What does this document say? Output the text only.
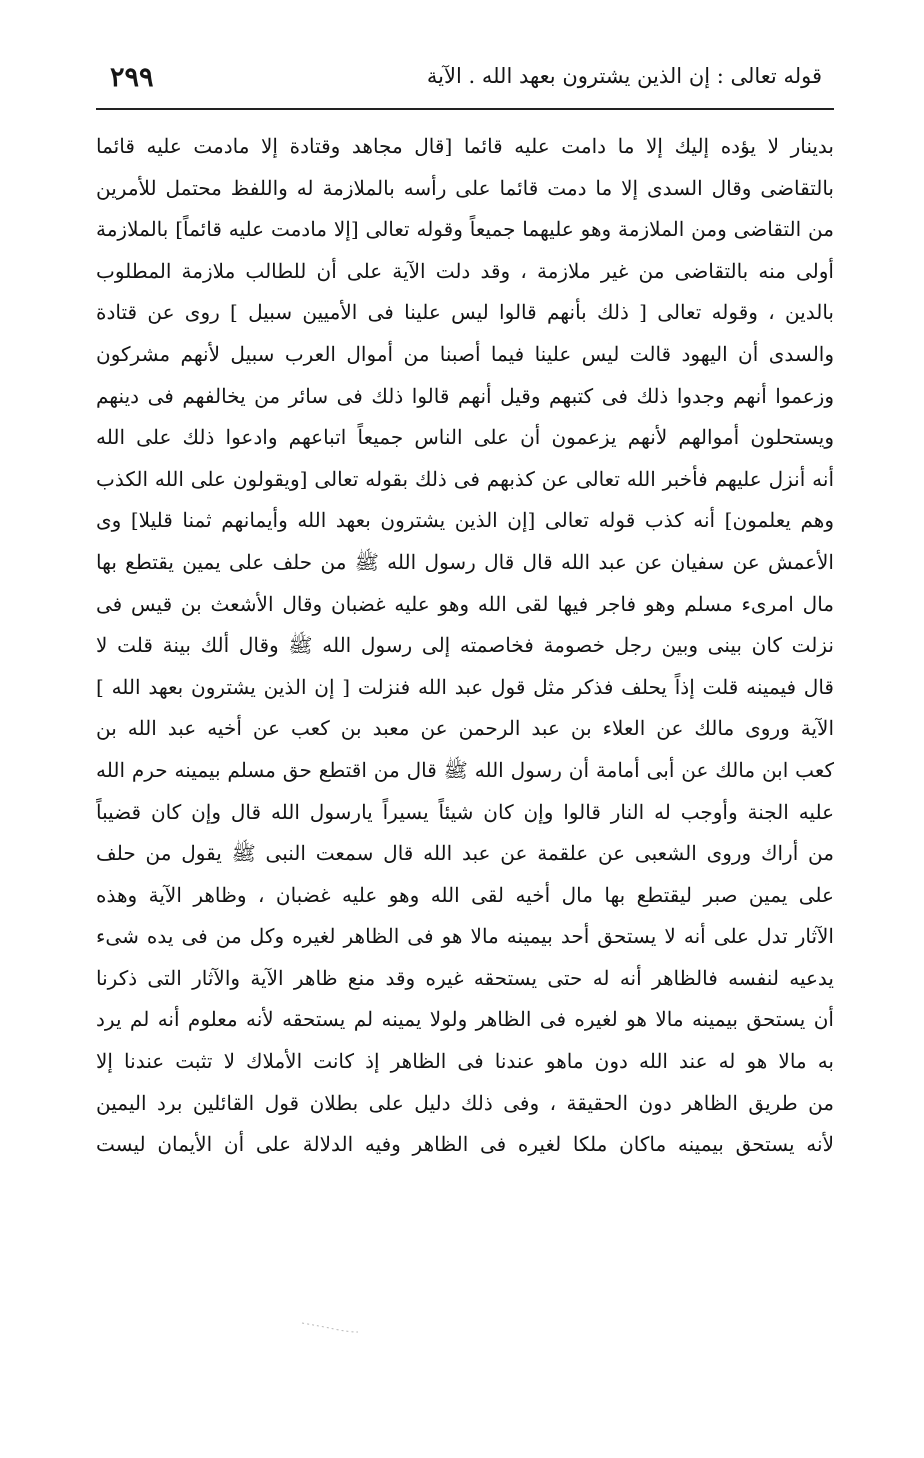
قوله تعالى : إن الذين يشترون بعهد الله . الآية
٢٩٩
بدينار لا يؤده إليك إلا ما دامت عليه قائما [قال مجاهد وقتادة إلا مادمت عليه قائما
بالتقاضى وقال السدى إلا ما دمت قائما على رأسه بالملازمة له واللفظ محتمل للأمرين
من التقاضى ومن الملازمة وهو عليهما جميعاً وقوله تعالى [إلا مادمت عليه قائماً] بالملازمة
أولى منه بالتقاضى من غير ملازمة ، وقد دلت الآية على أن للطالب ملازمة المطلوب
بالدين ، وقوله تعالى [ ذلك بأنهم قالوا ليس علينا فى الأميين سبيل ] روى عن قتادة
والسدى أن اليهود قالت ليس علينا فيما أصبنا من أموال العرب سبيل لأنهم مشركون
وزعموا أنهم وجدوا ذلك فى كتبهم وقيل أنهم قالوا ذلك فى سائر من يخالفهم فى دينهم
ويستحلون أموالهم لأنهم يزعمون أن على الناس جميعاً اتباعهم وادعوا ذلك على الله
أنه أنزل عليهم فأخبر الله تعالى عن كذبهم فى ذلك بقوله تعالى [ويقولون على الله الكذب
وهم يعلمون] أنه كذب قوله تعالى [إن الذين يشترون بعهد الله وأيمانهم ثمنا قليلا] وى
الأعمش عن سفيان عن عبد الله قال قال رسول الله ﷺ من حلف على يمين يقتطع بها
مال امرىء مسلم وهو فاجر فيها لقى الله وهو عليه غضبان وقال الأشعث بن قيس فى
نزلت كان بينى وبين رجل خصومة فخاصمته إلى رسول الله ﷺ وقال ألك بينة قلت لا
قال فيمينه قلت إذاً يحلف فذكر مثل قول عبد الله فنزلت [ إن الذين يشترون بعهد الله ]
الآية وروى مالك عن العلاء بن عبد الرحمن عن معبد بن كعب عن أخيه عبد الله بن
كعب ابن مالك عن أبى أمامة أن رسول الله ﷺ قال من اقتطع حق مسلم بيمينه حرم الله
عليه الجنة وأوجب له النار قالوا وإن كان شيئاً يسيراً يارسول الله قال وإن كان قضيباً
من أراك وروى الشعبى عن علقمة عن عبد الله قال سمعت النبى ﷺ يقول من حلف
على يمين صبر ليقتطع بها مال أخيه لقى الله وهو عليه غضبان ، وظاهر الآية وهذه
الآثار تدل على أنه لا يستحق أحد بيمينه مالا هو فى الظاهر لغيره وكل من فى يده شىء
يدعيه لنفسه فالظاهر أنه له حتى يستحقه غيره وقد منع ظاهر الآية والآثار التى ذكرنا
أن يستحق بيمينه مالا هو لغيره فى الظاهر ولولا يمينه لم يستحقه لأنه معلوم أنه لم يرد
به مالا هو له عند الله دون ماهو عندنا فى الظاهر إذ كانت الأملاك لا تثبت عندنا إلا
من طريق الظاهر دون الحقيقة ، وفى ذلك دليل على بطلان قول القائلين برد اليمين
لأنه يستحق بيمينه ماكان ملكا لغيره فى الظاهر وفيه الدلالة على أن الأيمان ليست
